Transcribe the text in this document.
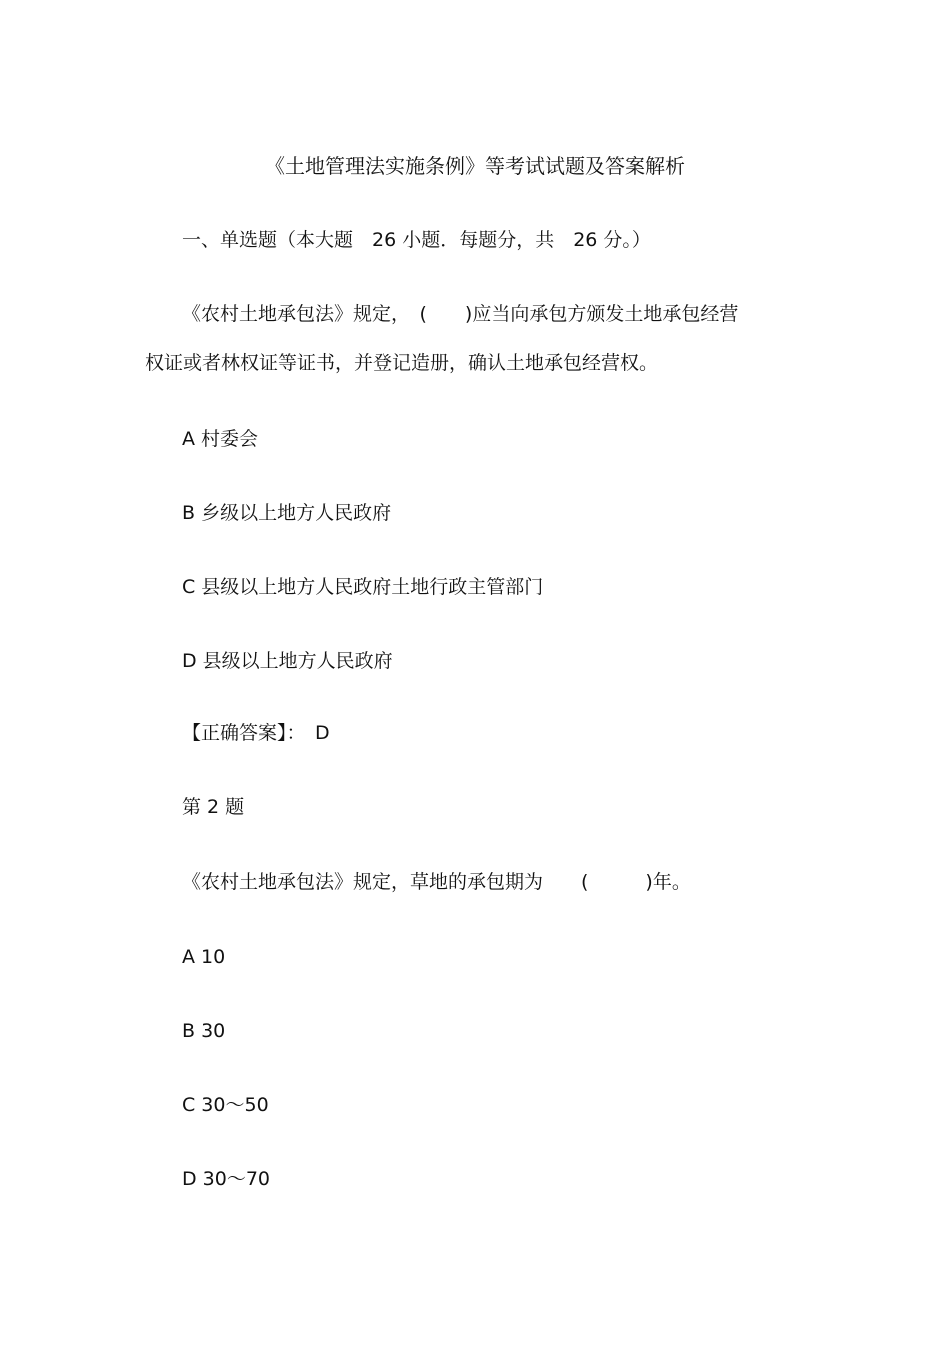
《土地管理法实施条例》等考试试题及答案解析
一、单选题（本大题　26 小题．每题分，共　26 分。）
《农村土地承包法》规定，　(　　)应当向承包方颁发土地承包经营
权证或者林权证等证书，并登记造册，确认土地承包经营权。
A 村委会
B 乡级以上地方人民政府
C 县级以上地方人民政府土地行政主管部门
D 县级以上地方人民政府
【正确答案】：　D
第 2 题
《农村土地承包法》规定，草地的承包期为　　(　　　)年。
A 10
B 30
C 30～50
D 30～70
